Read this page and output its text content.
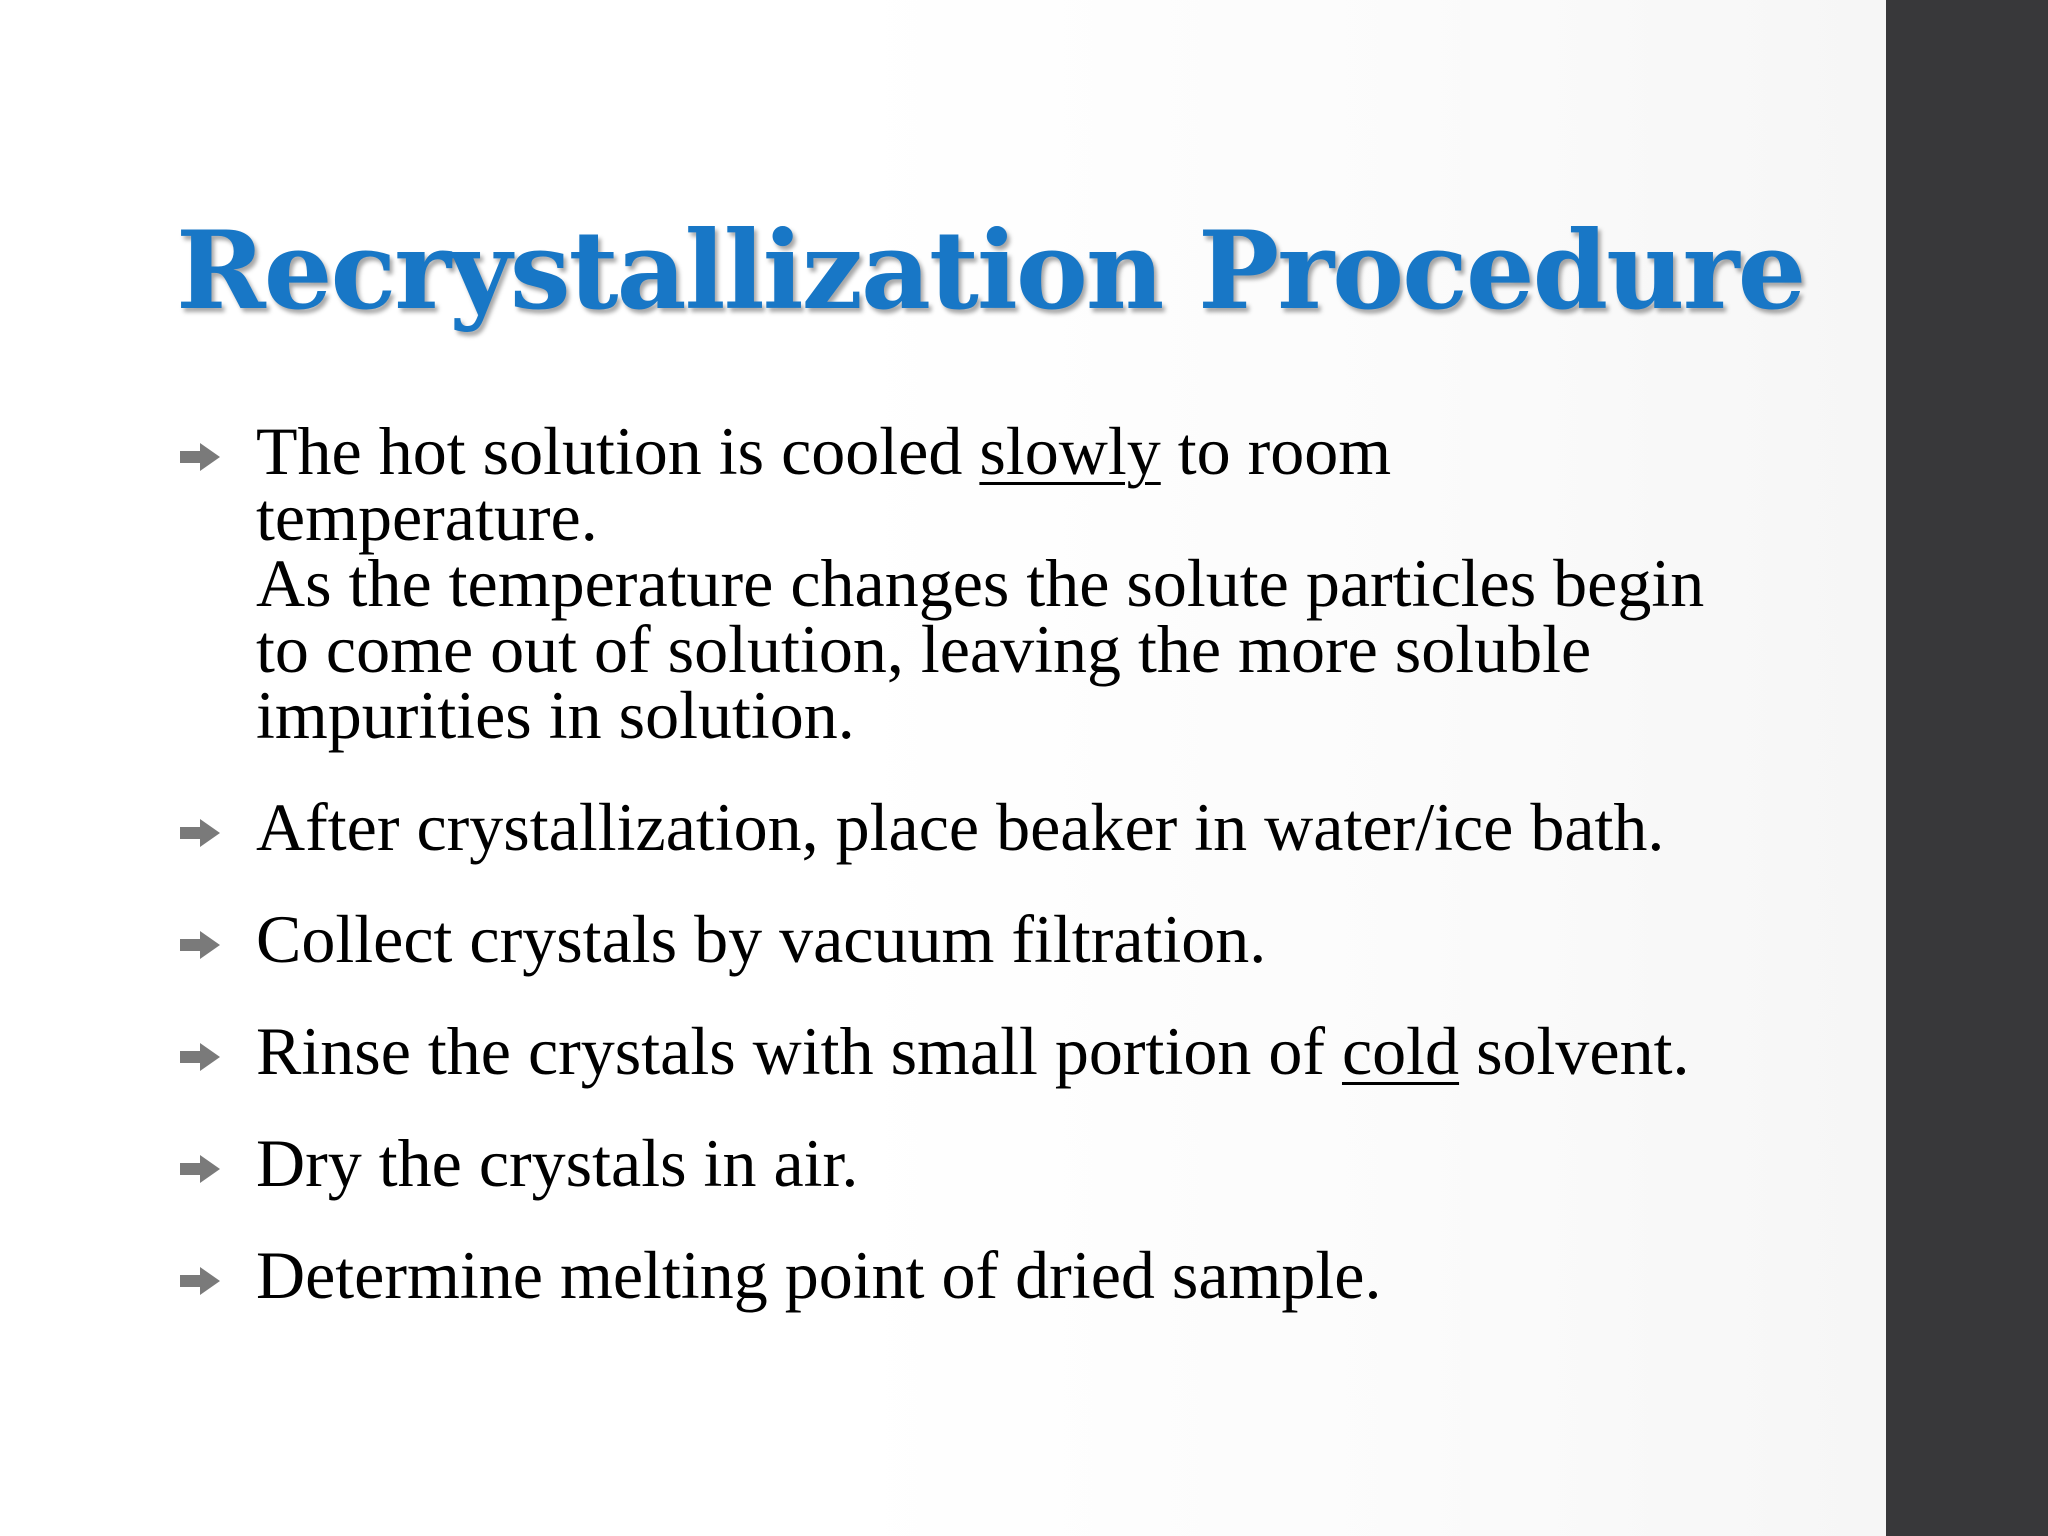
Recrystallization Procedure
The hot solution is cooled slowly to room temperature.
As the temperature changes the solute particles begin to come out of solution, leaving the more soluble impurities in solution.
After crystallization, place beaker in water/ice bath.
Collect crystals by vacuum filtration.
Rinse the crystals with small portion of cold solvent.
Dry the crystals in air.
Determine melting point of dried sample.
